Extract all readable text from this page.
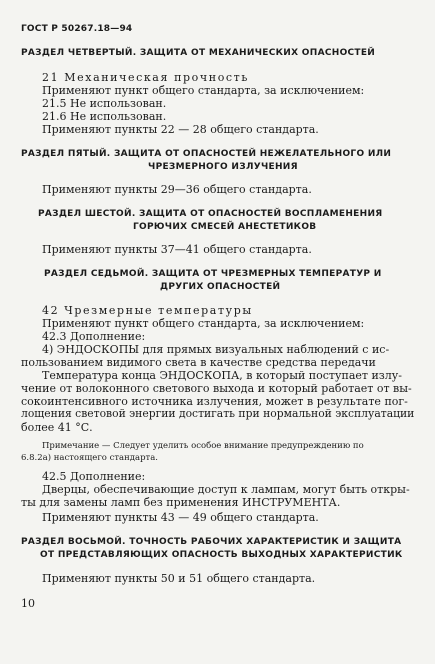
ГОСТ Р 50267.18—94
РАЗДЕЛ ЧЕТВЕРТЫЙ. ЗАЩИТА ОТ МЕХАНИЧЕСКИХ ОПАСНОСТЕЙ
21 Механическая прочность
Применяют пункт общего стандарта, за исключением:
21.5 Не использован.
21.6 Не использован.
Применяют пункты 22 — 28 общего стандарта.
РАЗДЕЛ ПЯТЫЙ. ЗАЩИТА ОТ ОПАСНОСТЕЙ НЕЖЕЛАТЕЛЬНОГО ИЛИ
ЧРЕЗМЕРНОГО ИЗЛУЧЕНИЯ
Применяют пункты 29—36 общего стандарта.
РАЗДЕЛ ШЕСТОЙ. ЗАЩИТА ОТ ОПАСНОСТЕЙ ВОСПЛАМЕНЕНИЯ
ГОРЮЧИХ СМЕСЕЙ АНЕСТЕТИКОВ
Применяют пункты 37—41 общего стандарта.
РАЗДЕЛ СЕДЬМОЙ. ЗАЩИТА ОТ ЧРЕЗМЕРНЫХ ТЕМПЕРАТУР И
ДРУГИХ ОПАСНОСТЕЙ
42 Чрезмерные температуры
Применяют пункт общего стандарта, за исключением:
42.3 Дополнение:
4) ЭНДОСКОПЫ для прямых визуальных наблюдений с ис-
пользованием видимого света в качестве средства передачи
Температура конца ЭНДОСКОПА, в который поступает излу-
чение от волоконного светового выхода и который работает от вы-
сокоинтенсивного источника излучения, может в результате пог-
лощения световой энергии достигать при нормальной эксплуатации
более 41 °С.
Примечание — Следует уделить особое внимание предупреждению по
6.8.2а) настоящего стандарта.
42.5 Дополнение:
Дверцы, обеспечивающие доступ к лампам, могут быть откры-
ты для замены ламп без применения ИНСТРУМЕНТА.
Применяют пункты 43 — 49 общего стандарта.
РАЗДЕЛ ВОСЬМОЙ. ТОЧНОСТЬ РАБОЧИХ ХАРАКТЕРИСТИК И ЗАЩИТА
ОТ ПРЕДСТАВЛЯЮЩИХ ОПАСНОСТЬ ВЫХОДНЫХ ХАРАКТЕРИСТИК
Применяют пункты 50 и 51 общего стандарта.
10
